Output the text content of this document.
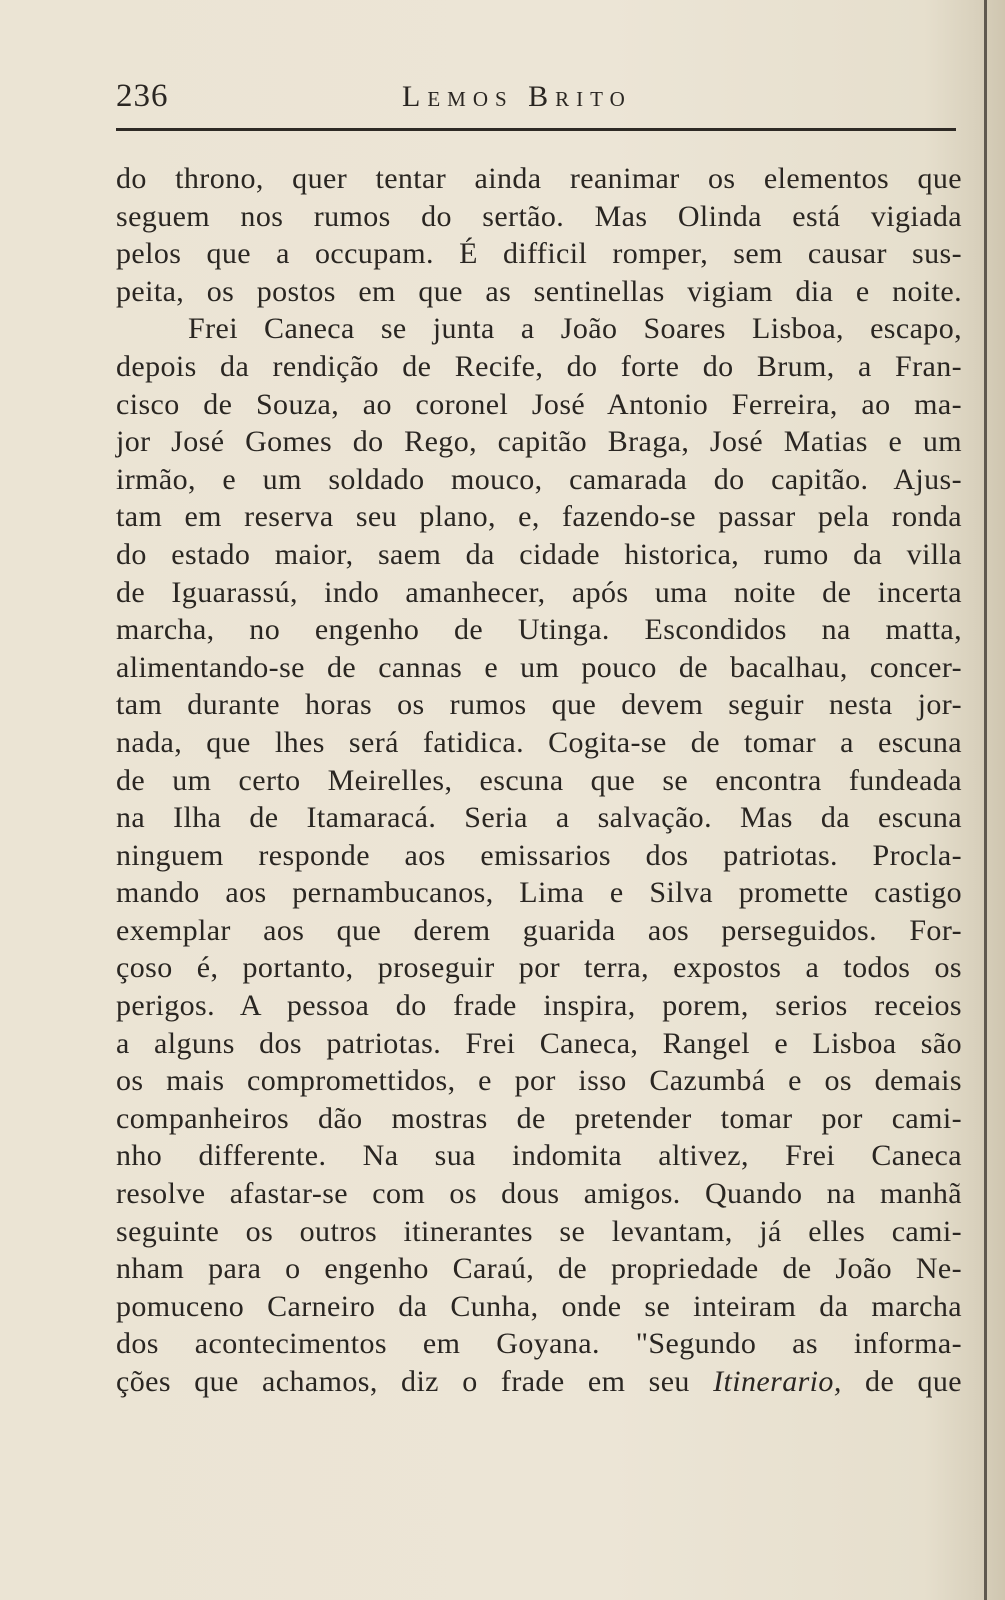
236	Lemos Brito
do throno, quer tentar ainda reanimar os elementos que
seguem nos rumos do sertão. Mas Olinda está vigiada
pelos que a occupam. É difficil romper, sem causar sus-
peita, os postos em que as sentinellas vigiam dia e noite.
Frei Caneca se junta a João Soares Lisboa, escapo,
depois da rendição de Recife, do forte do Brum, a Fran-
cisco de Souza, ao coronel José Antonio Ferreira, ao ma-
jor José Gomes do Rego, capitão Braga, José Matias e um
irmão, e um soldado mouco, camarada do capitão. Ajus-
tam em reserva seu plano, e, fazendo-se passar pela ronda
do estado maior, saem da cidade historica, rumo da villa
de Iguarassú, indo amanhecer, após uma noite de incerta
marcha, no engenho de Utinga. Escondidos na matta,
alimentando-se de cannas e um pouco de bacalhau, concer-
tam durante horas os rumos que devem seguir nesta jor-
nada, que lhes será fatidica. Cogita-se de tomar a escuna
de um certo Meirelles, escuna que se encontra fundeada
na Ilha de Itamaracá. Seria a salvação. Mas da escuna
ninguem responde aos emissarios dos patriotas. Procla-
mando aos pernambucanos, Lima e Silva promette castigo
exemplar aos que derem guarida aos perseguidos. For-
çoso é, portanto, proseguir por terra, expostos a todos os
perigos. A pessoa do frade inspira, porem, serios receios
a alguns dos patriotas. Frei Caneca, Rangel e Lisboa são
os mais compromettidos, e por isso Cazumbá e os demais
companheiros dão mostras de pretender tomar por cami-
nho differente. Na sua indomita altivez, Frei Caneca
resolve afastar-se com os dous amigos. Quando na manhã
seguinte os outros itinerantes se levantam, já elles cami-
nham para o engenho Caraú, de propriedade de João Ne-
pomuceno Carneiro da Cunha, onde se inteiram da marcha
dos acontecimentos em Goyana. "Segundo as informa-
ções que achamos, diz o frade em seu Itinerario, de que
